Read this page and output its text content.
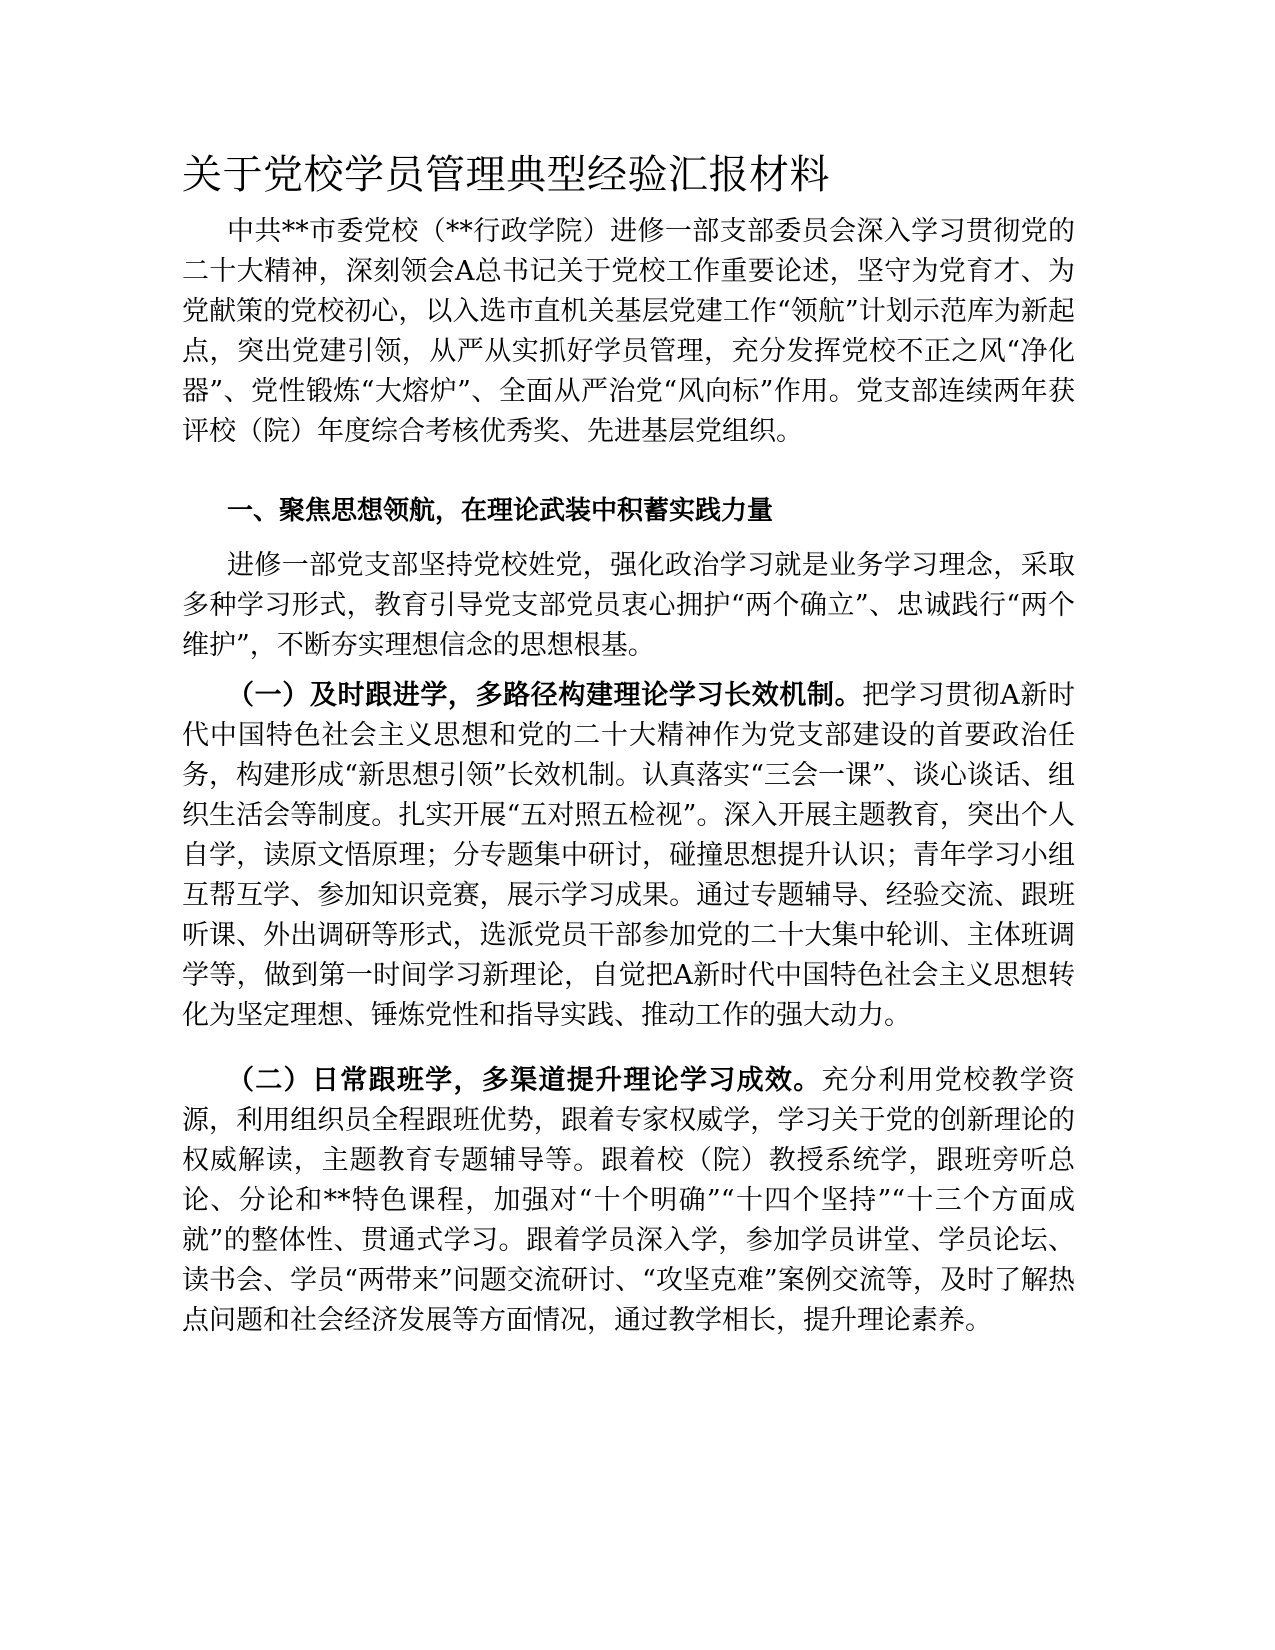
关于党校学员管理典型经验汇报材料

中共**市委党校（**行政学院）进修一部支部委员会深入学习贯彻党的二十大精神，深刻领会A总书记关于党校工作重要论述，坚守为党育才、为党献策的党校初心，以入选市直机关基层党建工作“领航”计划示范库为新起点，突出党建引领，从严从实抓好学员管理，充分发挥党校不正之风“净化器”、党性锻炼“大熔炉”、全面从严治党“风向标”作用。党支部连续两年获评校（院）年度综合考核优秀奖、先进基层党组织。

一、聚焦思想领航，在理论武装中积蓄实践力量

进修一部党支部坚持党校姓党，强化政治学习就是业务学习理念，采取多种学习形式，教育引导党支部党员衷心拥护“两个确立”、忠诚践行“两个维护”，不断夯实理想信念的思想根基。

（一）及时跟进学，多路径构建理论学习长效机制。把学习贯彻A新时代中国特色社会主义思想和党的二十大精神作为党支部建设的首要政治任务，构建形成“新思想引领”长效机制。认真落实“三会一课”、谈心谈话、组织生活会等制度。扎实开展“五对照五检视”。深入开展主题教育，突出个人自学，读原文悟原理；分专题集中研讨，碰撞思想提升认识；青年学习小组互帮互学、参加知识竞赛，展示学习成果。通过专题辅导、经验交流、跟班听课、外出调研等形式，选派党员干部参加党的二十大集中轮训、主体班调学等，做到第一时间学习新理论，自觉把A新时代中国特色社会主义思想转化为坚定理想、锤炼党性和指导实践、推动工作的强大动力。

（二）日常跟班学，多渠道提升理论学习成效。充分利用党校教学资源，利用组织员全程跟班优势，跟着专家权威学，学习关于党的创新理论的权威解读，主题教育专题辅导等。跟着校（院）教授系统学，跟班旁听总论、分论和**特色课程，加强对“十个明确”“十四个坚持”“十三个方面成就”的整体性、贯通式学习。跟着学员深入学，参加学员讲堂、学员论坛、读书会、学员“两带来”问题交流研讨、“攻坚克难”案例交流等，及时了解热点问题和社会经济发展等方面情况，通过教学相长，提升理论素养。
